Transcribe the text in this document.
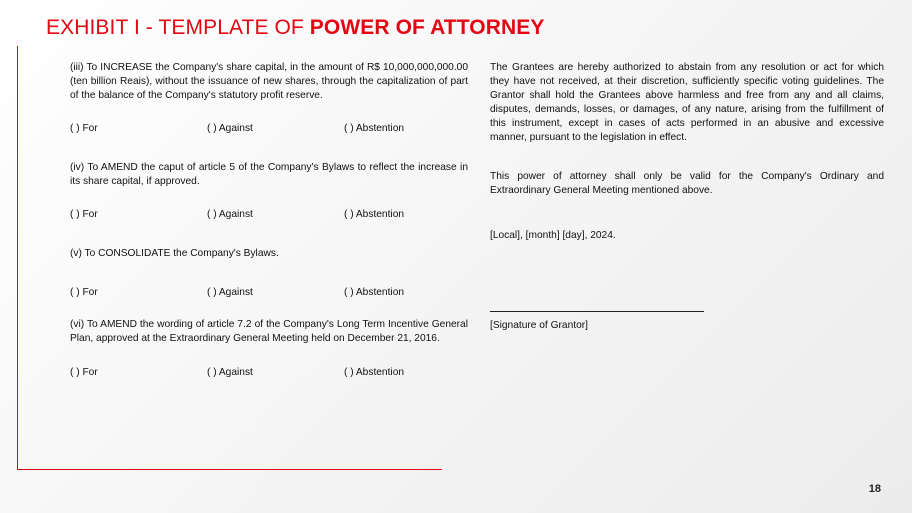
EXHIBIT I - TEMPLATE OF POWER OF ATTORNEY

(iii) To INCREASE the Company's share capital, in the amount of R$ 10,000,000,000.00 (ten billion Reais), without the issuance of new shares, through the capitalization of part of the balance of the Company's statutory profit reserve.

( ) For	( ) Against	( ) Abstention

(iv) To AMEND the caput of article 5 of the Company's Bylaws to reflect the increase in its share capital, if approved.

( ) For	( ) Against	( ) Abstention

(v) To CONSOLIDATE the Company's Bylaws.

( ) For	( ) Against	( ) Abstention

(vi) To AMEND the wording of article 7.2 of the Company's Long Term Incentive General Plan, approved at the Extraordinary General Meeting held on December 21, 2016.

( ) For	( ) Against	( ) Abstention

The Grantees are hereby authorized to abstain from any resolution or act for which they have not received, at their discretion, sufficiently specific voting guidelines. The Grantor shall hold the Grantees above harmless and free from any and all claims, disputes, demands, losses, or damages, of any nature, arising from the fulfillment of this instrument, except in cases of acts performed in an abusive and excessive manner, pursuant to the legislation in effect.

This power of attorney shall only be valid for the Company's Ordinary and Extraordinary General Meeting mentioned above.

[Local], [month] [day], 2024.

[Signature of Grantor]

18
